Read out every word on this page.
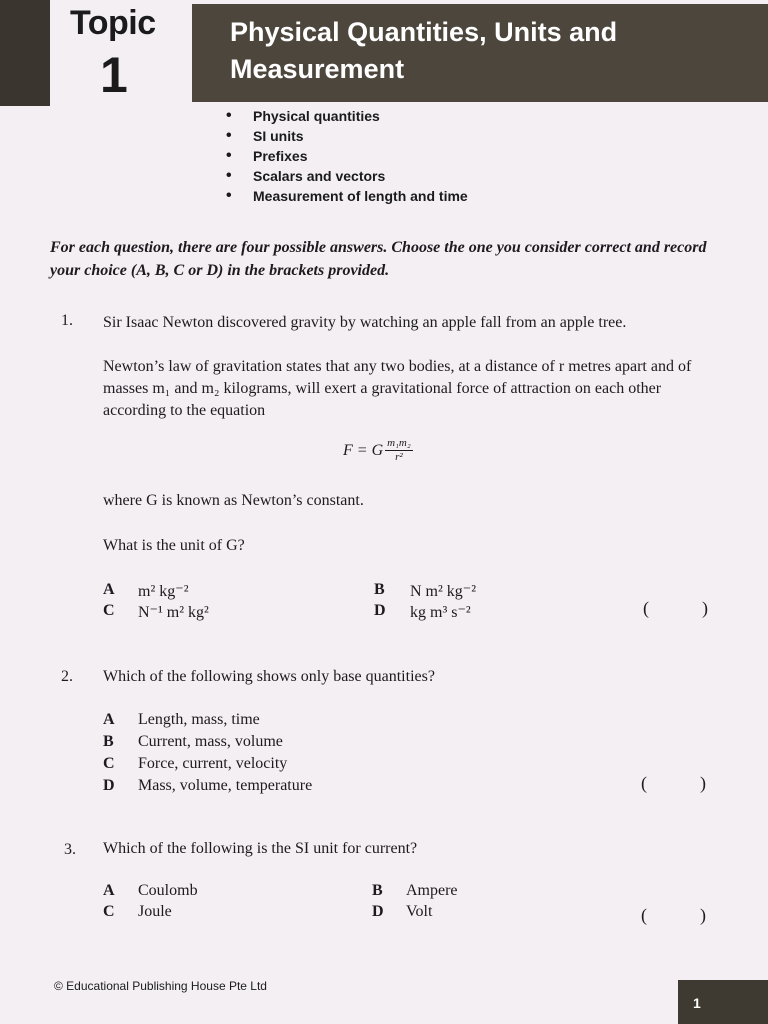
Topic
1
Physical Quantities, Units and Measurement
• Physical quantities
• SI units
• Prefixes
• Scalars and vectors
• Measurement of length and time
For each question, there are four possible answers. Choose the one you consider correct and record your choice (A, B, C or D) in the brackets provided.
1. Sir Isaac Newton discovered gravity by watching an apple fall from an apple tree.
Newton’s law of gravitation states that any two bodies, at a distance of r metres apart and of masses m₁ and m₂ kilograms, will exert a gravitational force of attraction on each other according to the equation
F = G $\frac{\text{m₁m₂}}{\text{r²}}$
where G is known as Newton’s constant.
What is the unit of G?
A m² kg⁻²	B N m² kg⁻²
C N⁻¹ m² kg²	D kg m³ s⁻²	(	)
2. Which of the following shows only base quantities?
A Length, mass, time
B Current, mass, volume
C Force, current, velocity
D Mass, volume, temperature	(	)
3. Which of the following is the SI unit for current?
A Coulomb	B Ampere
C Joule	D Volt	(	)
© Educational Publishing House Pte Ltd
1
